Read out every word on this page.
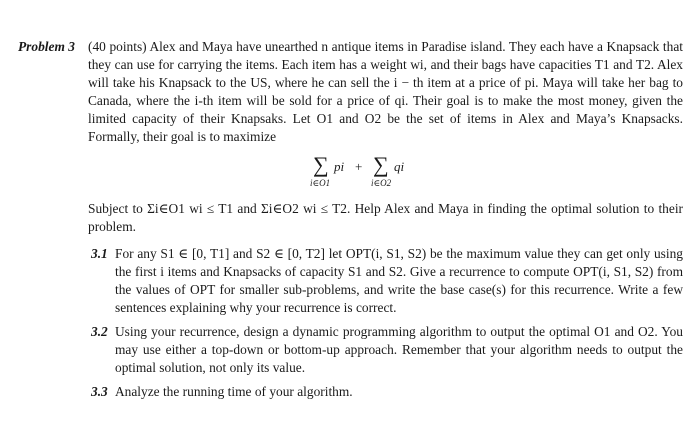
Problem 3 (40 points) Alex and Maya have unearthed n antique items in Paradise island. They each have a Knapsack that they can use for carrying the items. Each item has a weight wi, and their bags have capacities T1 and T2. Alex will take his Knapsack to the US, where he can sell the i − th item at a price of pi. Maya will take her bag to Canada, where the i-th item will be sold for a price of qi. Their goal is to make the most money, given the limited capacity of their Knapsaks. Let O1 and O2 be the set of items in Alex and Maya’s Knapsacks. Formally, their goal is to maximize
∑ pi
i∈O1
+ ∑ qi
i∈O2
Subject to Σi∈O1 wi ≤ T1 and Σi∈O2 wi ≤ T2. Help Alex and Maya in finding the optimal solution to their problem.
3.1 For any S1 ∈ [0, T1] and S2 ∈ [0, T2] let OPT(i, S1, S2) be the maximum value they can get only using the first i items and Knapsacks of capacity S1 and S2. Give a recurrence to compute OPT(i, S1, S2) from the values of OPT for smaller sub-problems, and write the base case(s) for this recurrence. Write a few sentences explaining why your recurrence is correct.
3.2 Using your recurrence, design a dynamic programming algorithm to output the optimal O1 and O2. You may use either a top-down or bottom-up approach. Remember that your algorithm needs to output the optimal solution, not only its value.
3.3 Analyze the running time of your algorithm.
